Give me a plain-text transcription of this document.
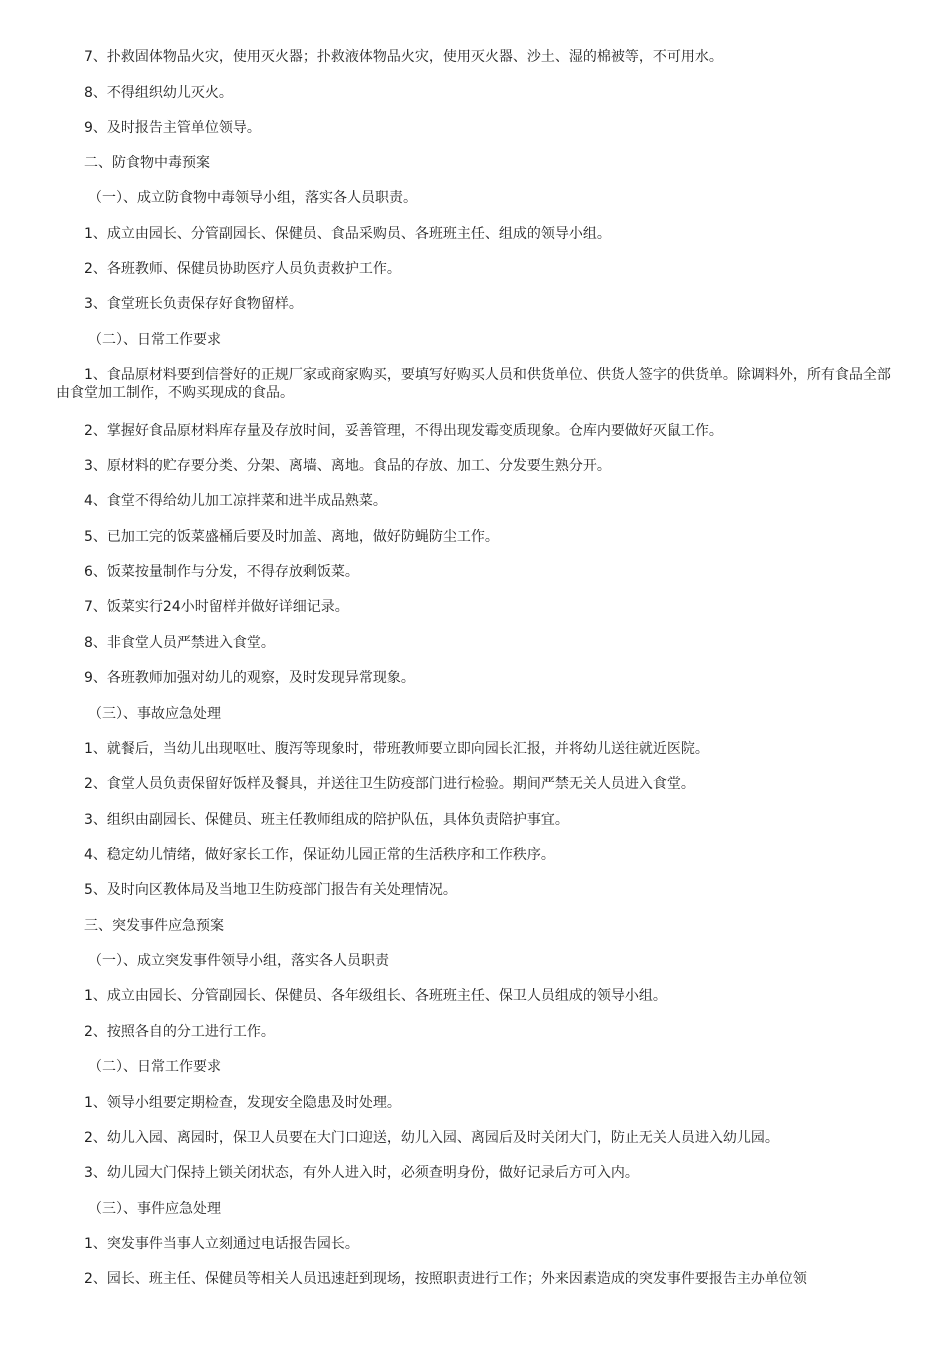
7、扑救固体物品火灾，使用灭火器；扑救液体物品火灾，使用灭火器、沙土、湿的棉被等，不可用水。

8、不得组织幼儿灭火。

9、及时报告主管单位领导。

二、防食物中毒预案

（一）、成立防食物中毒领导小组，落实各人员职责。

1、成立由园长、分管副园长、保健员、食品采购员、各班班主任、组成的领导小组。

2、各班教师、保健员协助医疗人员负责救护工作。

3、食堂班长负责保存好食物留样。

（二）、日常工作要求

1、食品原材料要到信誉好的正规厂家或商家购买，要填写好购买人员和供货单位、供货人签字的供货单。除调料外，所有食品全部由食堂加工制作，不购买现成的食品。

2、掌握好食品原材料库存量及存放时间，妥善管理，不得出现发霉变质现象。仓库内要做好灭鼠工作。

3、原材料的贮存要分类、分架、离墙、离地。食品的存放、加工、分发要生熟分开。

4、食堂不得给幼儿加工凉拌菜和进半成品熟菜。

5、已加工完的饭菜盛桶后要及时加盖、离地，做好防蝇防尘工作。

6、饭菜按量制作与分发，不得存放剩饭菜。

7、饭菜实行24小时留样并做好详细记录。

8、非食堂人员严禁进入食堂。

9、各班教师加强对幼儿的观察，及时发现异常现象。

（三）、事故应急处理

1、就餐后，当幼儿出现呕吐、腹泻等现象时，带班教师要立即向园长汇报，并将幼儿送往就近医院。

2、食堂人员负责保留好饭样及餐具，并送往卫生防疫部门进行检验。期间严禁无关人员进入食堂。

3、组织由副园长、保健员、班主任教师组成的陪护队伍，具体负责陪护事宜。

4、稳定幼儿情绪，做好家长工作，保证幼儿园正常的生活秩序和工作秩序。

5、及时向区教体局及当地卫生防疫部门报告有关处理情况。

三、突发事件应急预案

（一）、成立突发事件领导小组，落实各人员职责

1、成立由园长、分管副园长、保健员、各年级组长、各班班主任、保卫人员组成的领导小组。

2、按照各自的分工进行工作。

（二）、日常工作要求

1、领导小组要定期检查，发现安全隐患及时处理。

2、幼儿入园、离园时，保卫人员要在大门口迎送，幼儿入园、离园后及时关闭大门，防止无关人员进入幼儿园。

3、幼儿园大门保持上锁关闭状态，有外人进入时，必须查明身份，做好记录后方可入内。

（三）、事件应急处理

1、突发事件当事人立刻通过电话报告园长。

2、园长、班主任、保健员等相关人员迅速赶到现场，按照职责进行工作；外来因素造成的突发事件要报告主办单位领
